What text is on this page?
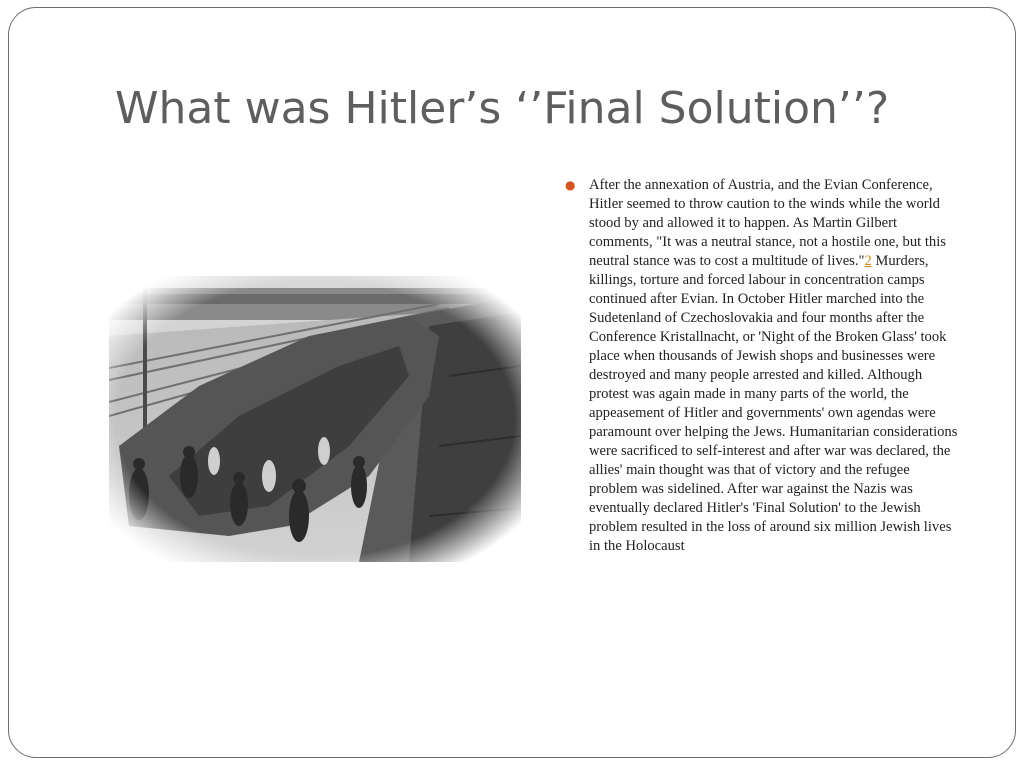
What was Hitler’s ‘’Final Solution’’?
● After the annexation of Austria, and the Evian Conference, Hitler seemed to throw caution to the winds while the world stood by and allowed it to happen. As Martin Gilbert comments, "It was a neutral stance, not a hostile one, but this neutral stance was to cost a multitude of lives."2 Murders, killings, torture and forced labour in concentration camps continued after Evian. In October Hitler marched into the Sudetenland of Czechoslovakia and four months after the Conference Kristallnacht, or 'Night of the Broken Glass' took place when thousands of Jewish shops and businesses were destroyed and many people arrested and killed. Although protest was again made in many parts of the world, the appeasement of Hitler and governments' own agendas were paramount over helping the Jews. Humanitarian considerations were sacrificed to self-interest and after war was declared, the allies' main thought was that of victory and the refugee problem was sidelined. After war against the Nazis was eventually declared Hitler's 'Final Solution' to the Jewish problem resulted in the loss of around six million Jewish lives in the Holocaust
